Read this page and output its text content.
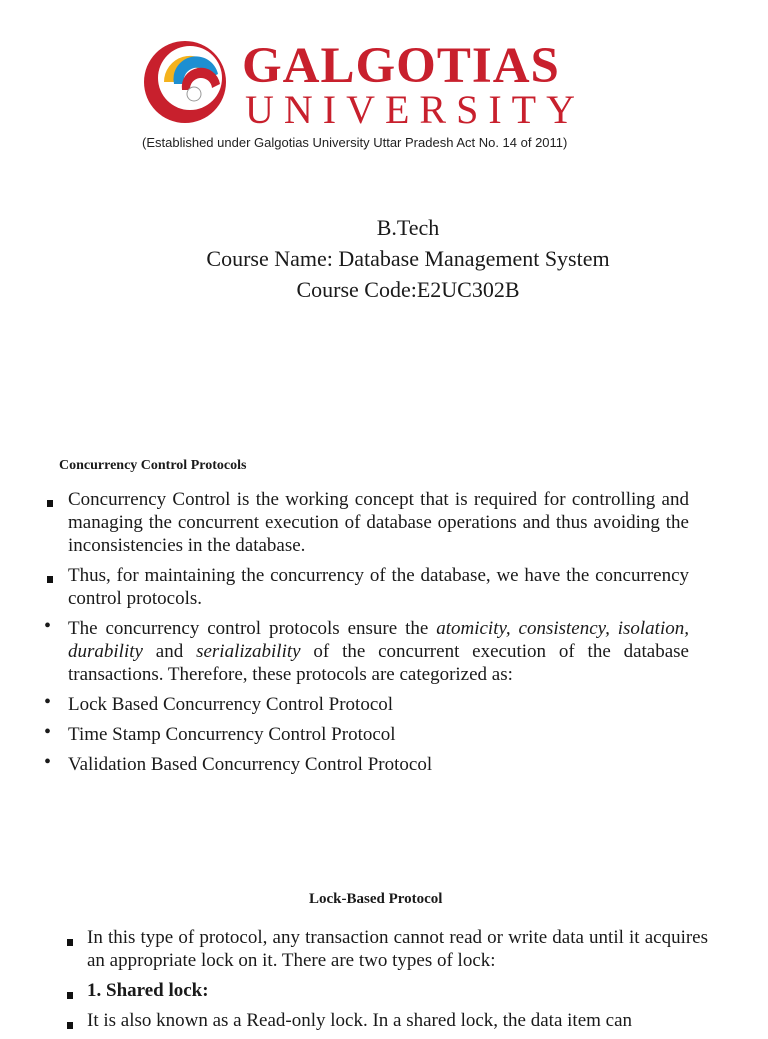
GALGOTIAS
UNIVERSITY
(Established under Galgotias University Uttar Pradesh Act No. 14 of 2011)
B.Tech
Course Name: Database Management System
Course Code:E2UC302B
Concurrency Control Protocols
Concurrency Control is the working concept that is required for controlling and managing the concurrent execution of database operations and thus avoiding the inconsistencies in the database.
Thus, for maintaining the concurrency of the database, we have the concurrency control protocols.
• The concurrency control protocols ensure the atomicity, consistency, isolation, durability and serializability of the concurrent execution of the database transactions. Therefore, these protocols are categorized as:
• Lock Based Concurrency Control Protocol
• Time Stamp Concurrency Control Protocol
• Validation Based Concurrency Control Protocol
Lock-Based Protocol
In this type of protocol, any transaction cannot read or write data until it acquires an appropriate lock on it. There are two types of lock:
1. Shared lock:
It is also known as a Read-only lock. In a shared lock, the data item can
